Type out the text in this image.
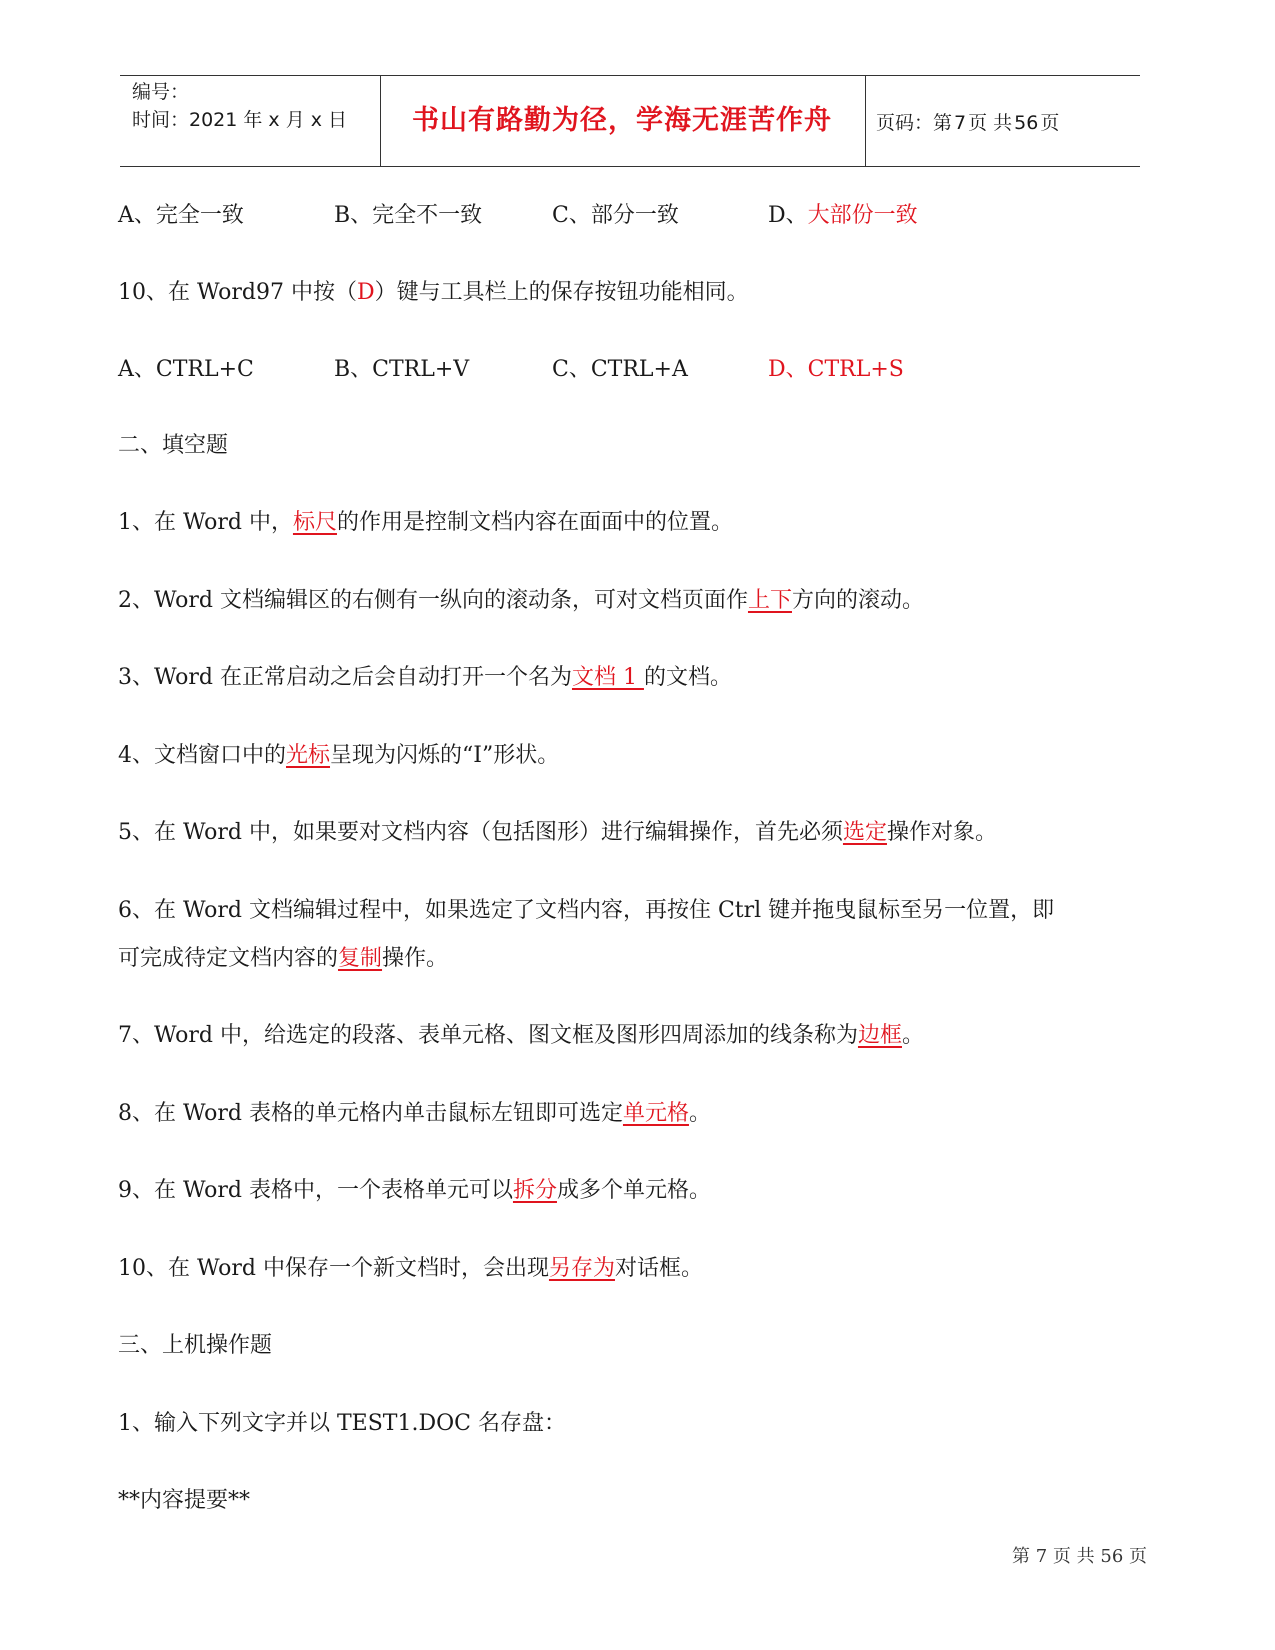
编号：
时间：2021 年 x 月 x 日	书山有路勤为径，学海无涯苦作舟	页码：第 7 页 共 56 页
A、完全一致	B、完全不一致	C、部分一致	D、大部份一致
10、在 Word97 中按（D）键与工具栏上的保存按钮功能相同。
A、CTRL+C	B、CTRL+V	C、CTRL+A	D、CTRL+S
二、填空题
1、在 Word 中，标尺的作用是控制文档内容在面面中的位置。
2、Word 文档编辑区的右侧有一纵向的滚动条，可对文档页面作上下方向的滚动。
3、Word 在正常启动之后会自动打开一个名为文档 1 的文档。
4、文档窗口中的光标呈现为闪烁的“I”形状。
5、在 Word 中，如果要对文档内容（包括图形）进行编辑操作，首先必须选定操作对象。
6、在 Word 文档编辑过程中，如果选定了文档内容，再按住 Ctrl 键并拖曳鼠标至另一位置，即
可完成待定文档内容的复制操作。
7、Word 中，给选定的段落、表单元格、图文框及图形四周添加的线条称为边框。
8、在 Word 表格的单元格内单击鼠标左钮即可选定单元格。
9、在 Word 表格中，一个表格单元可以拆分成多个单元格。
10、在 Word 中保存一个新文档时，会出现另存为对话框。
三、上机操作题
1、输入下列文字并以 TEST1.DOC 名存盘：
**内容提要**
第 7 页 共 56 页
